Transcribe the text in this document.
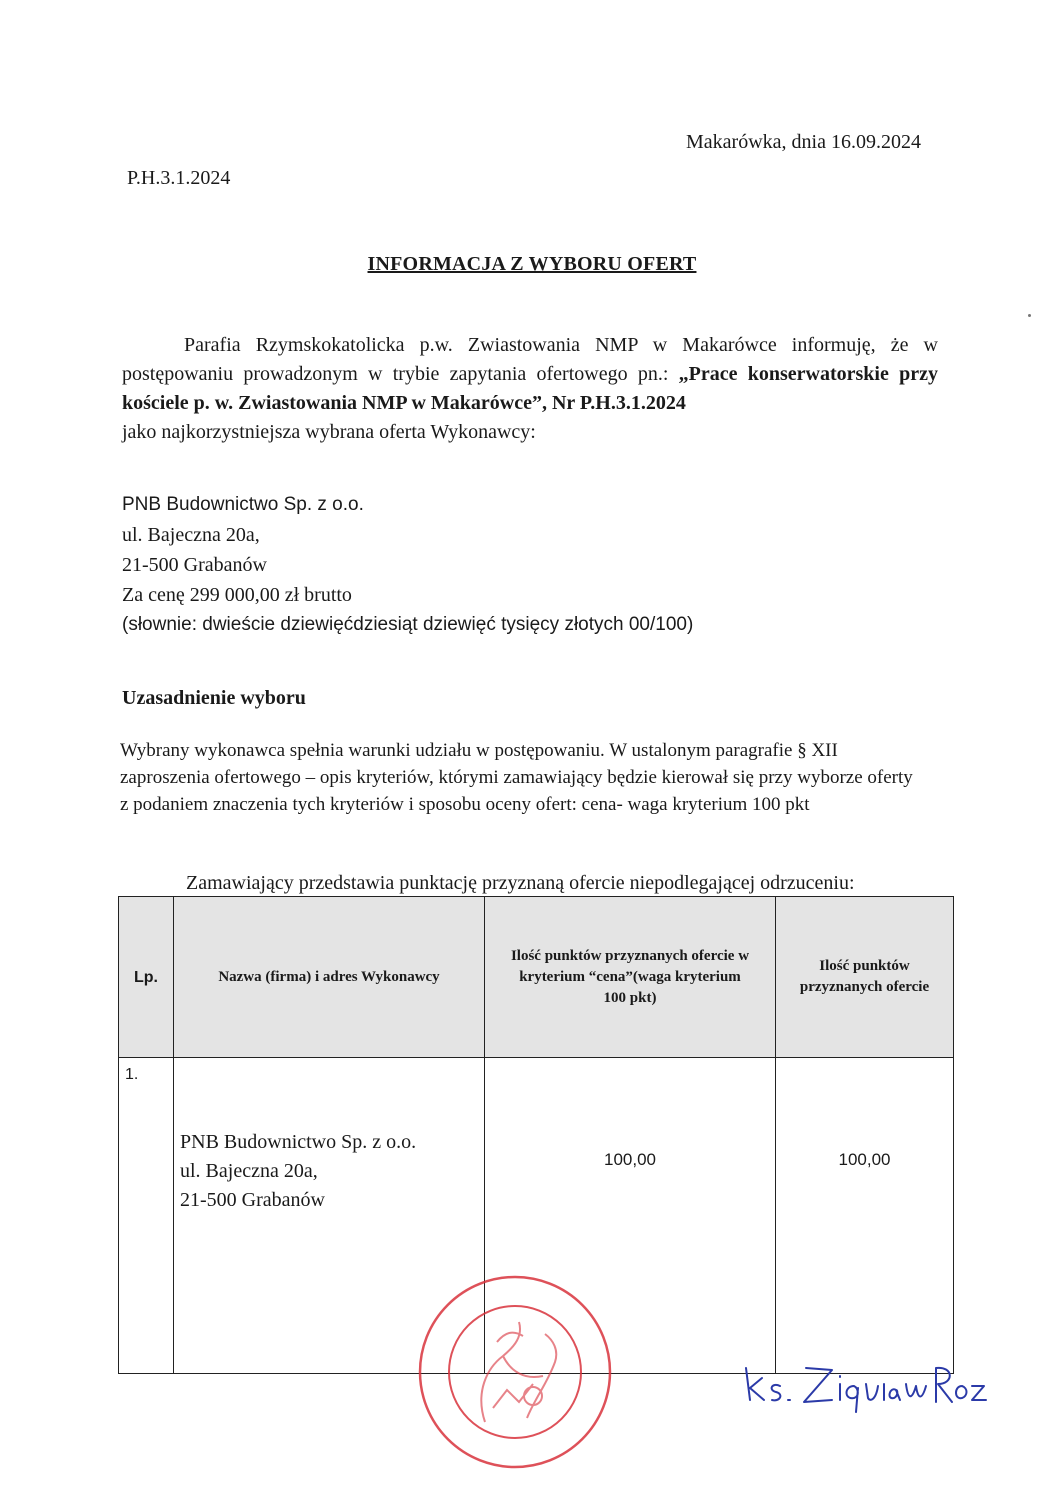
Makarówka, dnia 16.09.2024
P.H.3.1.2024
INFORMACJA Z WYBORU OFERT

Parafia Rzymskokatolicka p.w. Zwiastowania NMP w Makarówce informuję, że w postępowaniu prowadzonym w trybie zapytania ofertowego pn.: „Prace konserwatorskie przy kościele p. w. Zwiastowania NMP w Makarówce”, Nr P.H.3.1.2024

jako najkorzystniejsza wybrana oferta Wykonawcy:

PNB Budownictwo Sp. z o.o.
ul. Bajeczna 20a,
21-500 Grabanów
Za cenę 299 000,00 zł brutto
(słownie: dwieście dziewięćdziesiąt dziewięć tysięcy złotych 00/100)
Uzasadnienie wyboru
Wybrany wykonawca spełnia warunki udziału w postępowaniu. W ustalonym paragrafie § XII
zaproszenia ofertowego – opis kryteriów, którymi zamawiający będzie kierował się przy wyborze oferty
z podaniem znaczenia tych kryteriów i sposobu oceny ofert: cena- waga kryterium 100 pkt
Zamawiający przedstawia punktację przyznaną ofercie niepodlegającej odrzuceniu:
Lp.	Nazwa (firma) i adres Wykonawcy	Ilość punktów przyznanych ofercie w kryterium “cena”(waga kryterium 100 pkt)	Ilość punktów przyznanych ofercie
1.	PNB Budownictwo Sp. z o.o.
ul. Bajeczna 20a,
21-500 Grabanów	100,00	100,00
